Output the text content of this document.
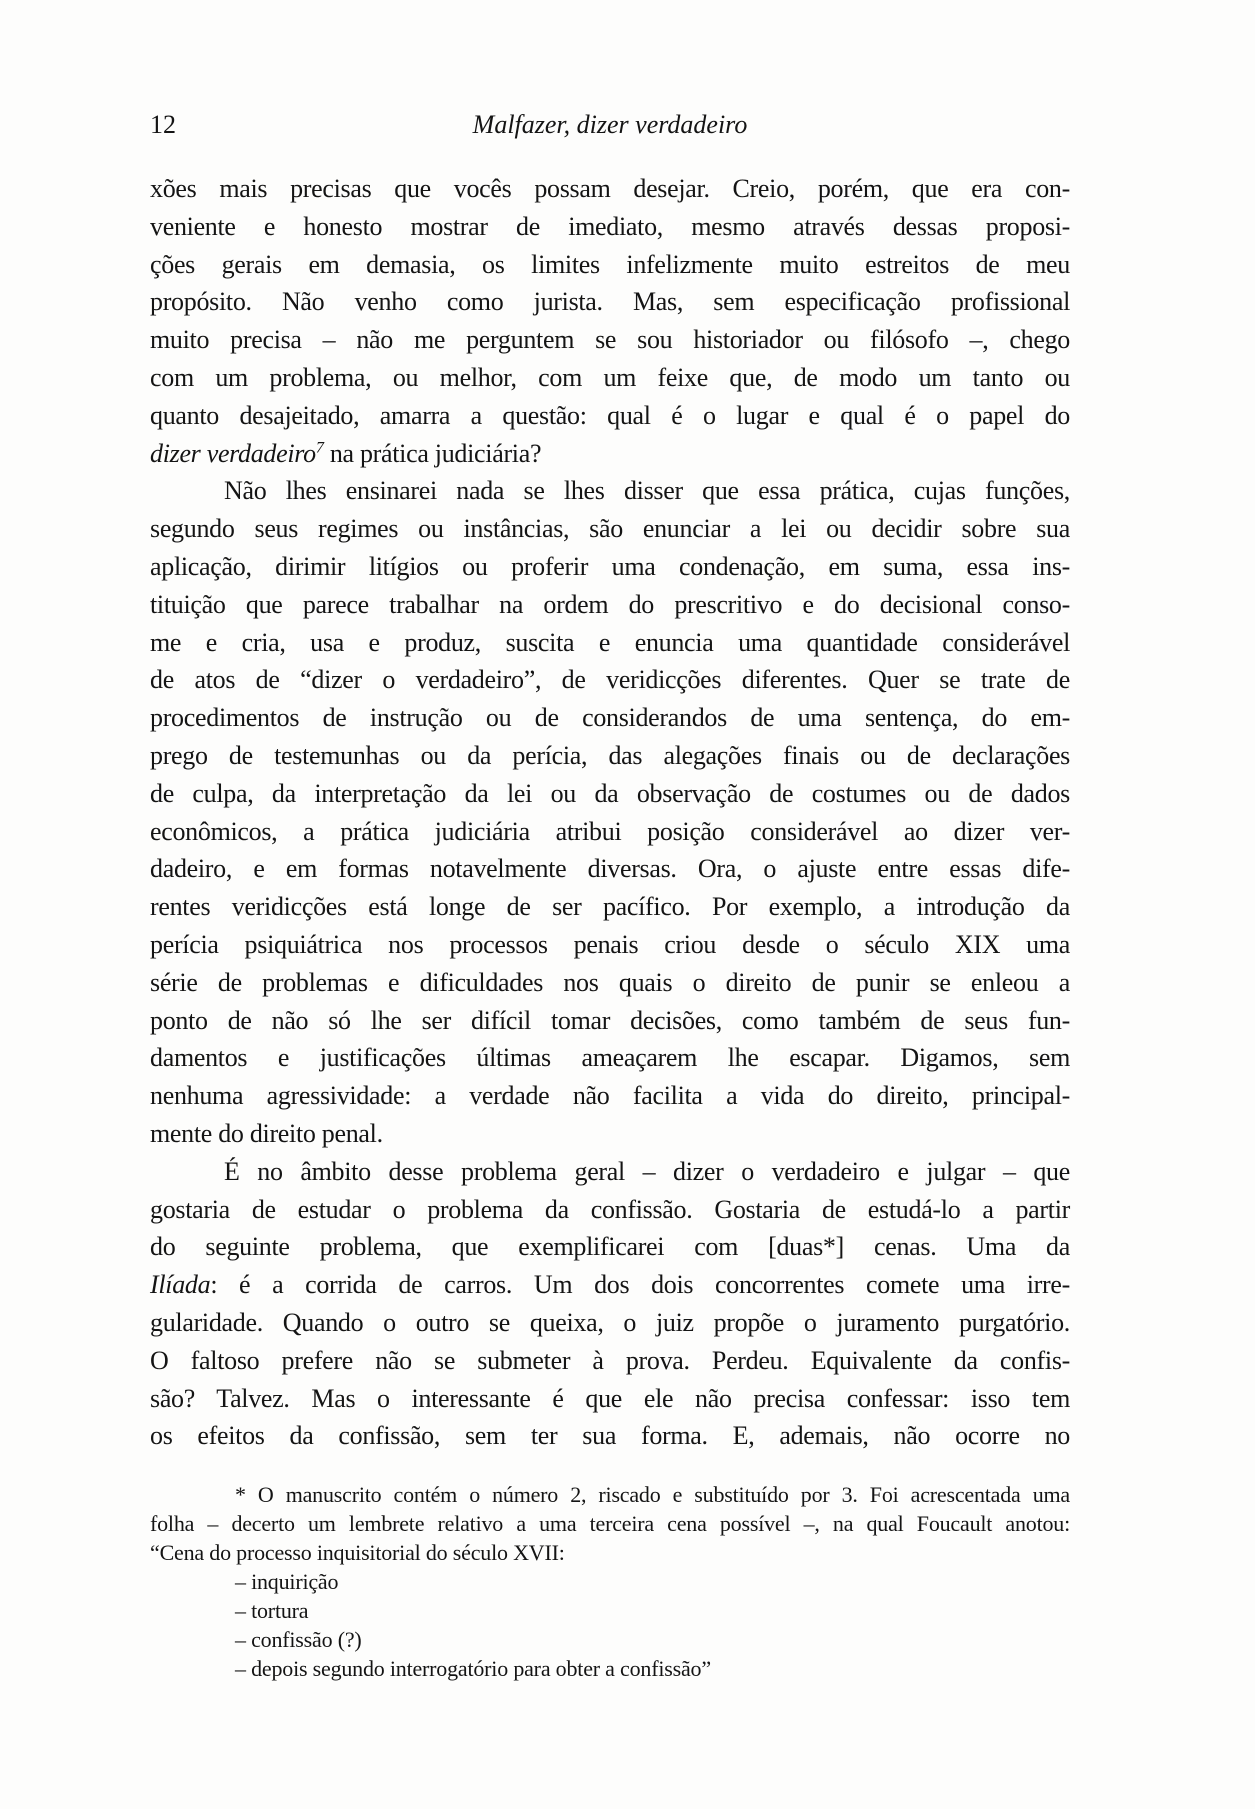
12	Malfazer, dizer verdadeiro
xões mais precisas que vocês possam desejar. Creio, porém, que era con-
veniente e honesto mostrar de imediato, mesmo através dessas proposi-
ções gerais em demasia, os limites infelizmente muito estreitos de meu
propósito. Não venho como jurista. Mas, sem especificação profissional
muito precisa – não me perguntem se sou historiador ou filósofo –, chego
com um problema, ou melhor, com um feixe que, de modo um tanto ou
quanto desajeitado, amarra a questão: qual é o lugar e qual é o papel do
dizer verdadeiro$^7$ na prática judiciária?
Não lhes ensinarei nada se lhes disser que essa prática, cujas funções,
segundo seus regimes ou instâncias, são enunciar a lei ou decidir sobre sua
aplicação, dirimir litígios ou proferir uma condenação, em suma, essa ins-
tituição que parece trabalhar na ordem do prescritivo e do decisional conso-
me e cria, usa e produz, suscita e enuncia uma quantidade considerável
de atos de “dizer o verdadeiro”, de veridicções diferentes. Quer se trate de
procedimentos de instrução ou de considerandos de uma sentença, do em-
prego de testemunhas ou da perícia, das alegações finais ou de declarações
de culpa, da interpretação da lei ou da observação de costumes ou de dados
econômicos, a prática judiciária atribui posição considerável ao dizer ver-
dadeiro, e em formas notavelmente diversas. Ora, o ajuste entre essas dife-
rentes veridicções está longe de ser pacífico. Por exemplo, a introdução da
perícia psiquiátrica nos processos penais criou desde o século XIX uma
série de problemas e dificuldades nos quais o direito de punir se enleou a
ponto de não só lhe ser difícil tomar decisões, como também de seus fun-
damentos e justificações últimas ameaçarem lhe escapar. Digamos, sem
nenhuma agressividade: a verdade não facilita a vida do direito, principal-
mente do direito penal.
É no âmbito desse problema geral – dizer o verdadeiro e julgar – que
gostaria de estudar o problema da confissão. Gostaria de estudá-lo a partir
do seguinte problema, que exemplificarei com [duas*] cenas. Uma da
Ilíada: é a corrida de carros. Um dos dois concorrentes comete uma irre-
gularidade. Quando o outro se queixa, o juiz propõe o juramento purgatório.
O faltoso prefere não se submeter à prova. Perdeu. Equivalente da confis-
são? Talvez. Mas o interessante é que ele não precisa confessar: isso tem
os efeitos da confissão, sem ter sua forma. E, ademais, não ocorre no
* O manuscrito contém o número 2, riscado e substituído por 3. Foi acrescentada uma
folha – decerto um lembrete relativo a uma terceira cena possível –, na qual Foucault anotou:
“Cena do processo inquisitorial do século XVII:
– inquirição
– tortura
– confissão (?)
– depois segundo interrogatório para obter a confissão”
